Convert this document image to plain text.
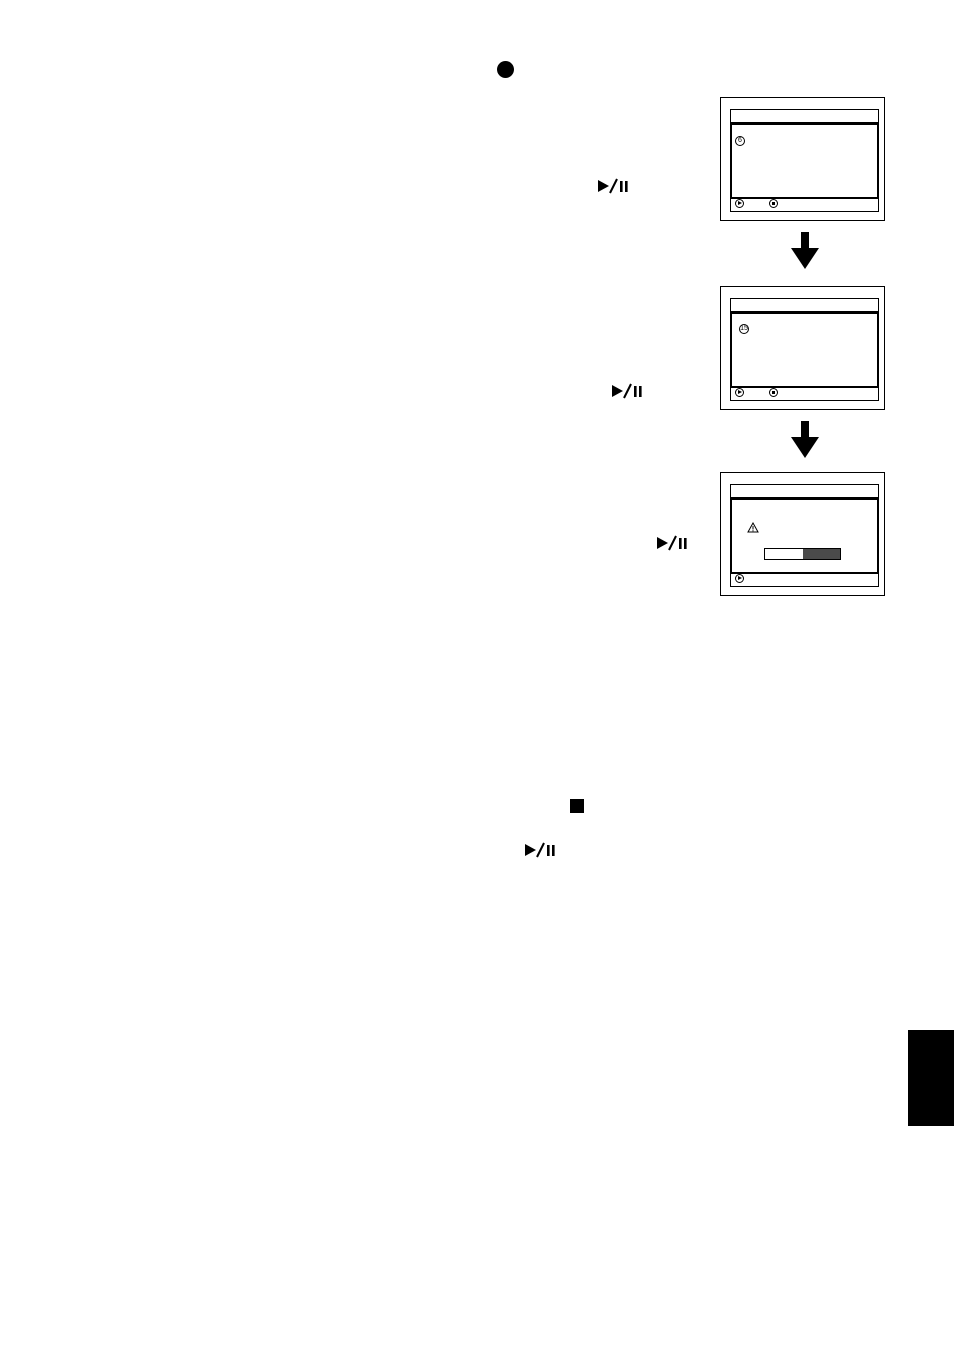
6
15
